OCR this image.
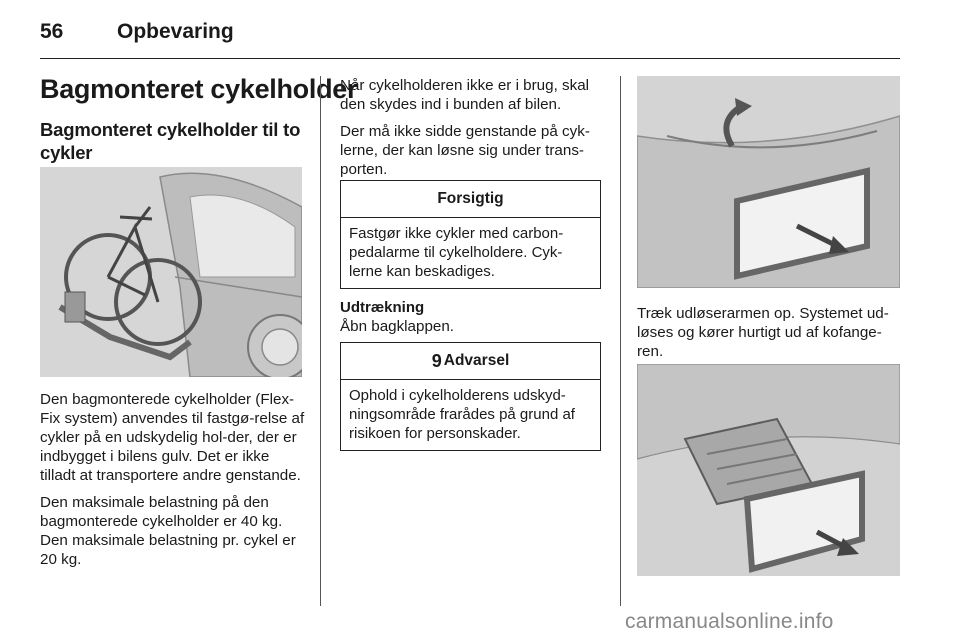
56	Opbevaring
Bagmonteret cykelholder
Bagmonteret cykelholder til to cykler

Den bagmonterede cykelholder (Flex-Fix system) anvendes til fastgø-relse af cykler på en udskydelig hol-der, der er indbygget i bilens gulv. Det er ikke tilladt at transportere andre genstande.

Den maksimale belastning på den bagmonterede cykelholder er 40 kg. Den maksimale belastning pr. cykel er 20 kg.

Når cykelholderen ikke er i brug, skal den skydes ind i bunden af bilen.

Der må ikke sidde genstande på cyk-lerne, der kan løsne sig under trans-porten.

Forsigtig
Fastgør ikke cykler med carbon-pedalarme til cykelholdere. Cyk-lerne kan beskadiges.
Udtrækning
Åbn bagklappen.
9 Advarsel
Ophold i cykelholderens udskyd-ningsområde frarådes på grund af risikoen for personskader.
Træk udløserarmen op. Systemet ud-løses og kører hurtigt ud af kofange-ren.
carmanualsonline.info
